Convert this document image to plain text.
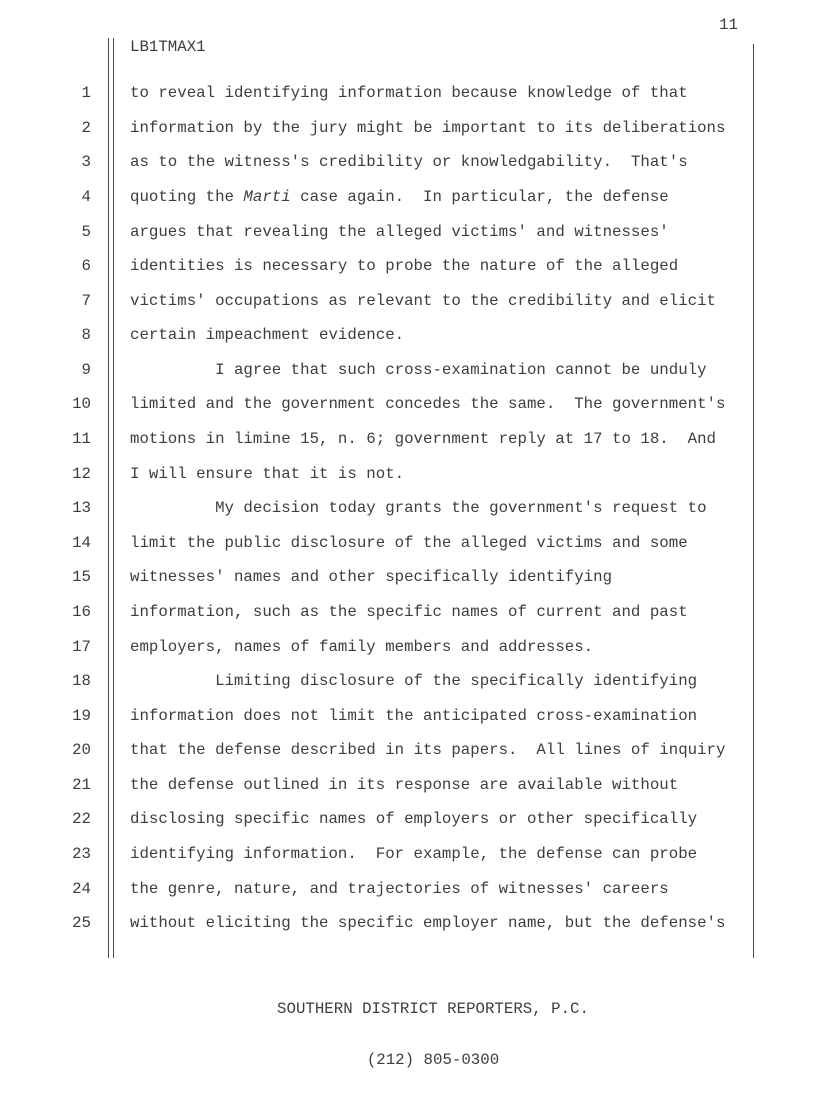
11
LB1TMAX1
1 to reveal identifying information because knowledge of that
2 information by the jury might be important to its deliberations
3 as to the witness's credibility or knowledgability.  That's
4 quoting the Marti case again.  In particular, the defense
5 argues that revealing the alleged victims' and witnesses'
6 identities is necessary to probe the nature of the alleged
7 victims' occupations as relevant to the credibility and elicit
8 certain impeachment evidence.
9 I agree that such cross-examination cannot be unduly
10 limited and the government concedes the same.  The government's
11 motions in limine 15, n. 6; government reply at 17 to 18.  And
12 I will ensure that it is not.
13 My decision today grants the government's request to
14 limit the public disclosure of the alleged victims and some
15 witnesses' names and other specifically identifying
16 information, such as the specific names of current and past
17 employers, names of family members and addresses.
18 Limiting disclosure of the specifically identifying
19 information does not limit the anticipated cross-examination
20 that the defense described in its papers.  All lines of inquiry
21 the defense outlined in its response are available without
22 disclosing specific names of employers or other specifically
23 identifying information.  For example, the defense can probe
24 the genre, nature, and trajectories of witnesses' careers
25 without eliciting the specific employer name, but the defense's

SOUTHERN DISTRICT REPORTERS, P.C.

(212) 805-0300
